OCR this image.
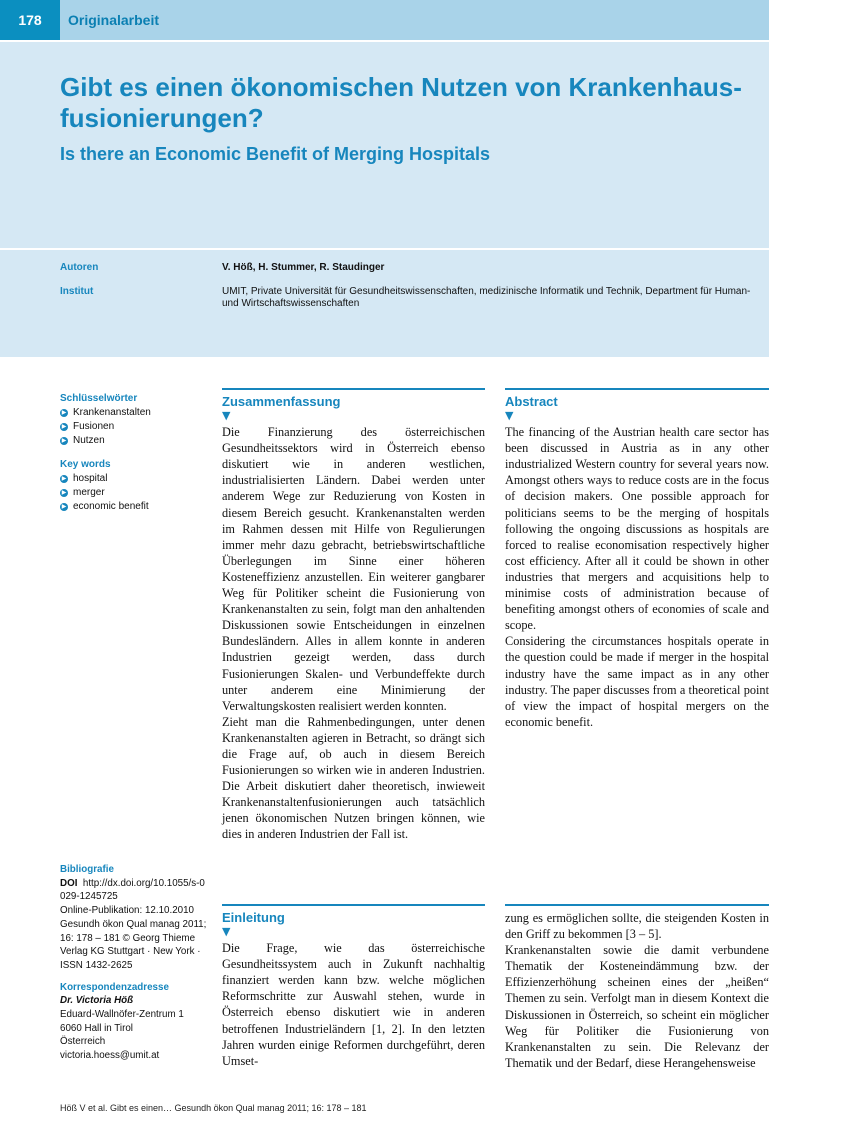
178	Originalarbeit
Gibt es einen ökonomischen Nutzen von Krankenhaus-
fusionierungen?
Is there an Economic Benefit of Merging Hospitals
Autoren	V. Höß, H. Stummer, R. Staudinger
Institut	UMIT, Private Universität für Gesundheitswissenschaften, medizinische Informatik und Technik, Department für Human- und Wirtschaftswissenschaften
Schlüsselwörter
▶ Krankenanstalten
▶ Fusionen
▶ Nutzen
Key words
▶ hospital
▶ merger
▶ economic benefit
Zusammenfassung
▼

Die Finanzierung des österreichischen Gesundheitssektors wird in Österreich ebenso diskutiert wie in anderen westlichen, industrialisierten Ländern. Dabei werden unter anderem Wege zur Reduzierung von Kosten in diesem Bereich gesucht. Krankenanstalten werden im Rahmen dessen mit Hilfe von Regulierungen immer mehr dazu gebracht, betriebswirtschaftliche Überlegungen im Sinne einer höheren Kosteneffizienz anzustellen. Ein weiterer gangbarer Weg für Politiker scheint die Fusionierung von Krankenanstalten zu sein, folgt man den anhaltenden Diskussionen sowie Entscheidungen in einzelnen Bundesländern. Alles in allem konnte in anderen Industrien gezeigt werden, dass durch Fusionierungen Skalen- und Verbundeffekte durch unter anderem eine Minimierung der Verwaltungskosten realisiert werden konnten.

Zieht man die Rahmenbedingungen, unter denen Krankenanstalten agieren in Betracht, so drängt sich die Frage auf, ob auch in diesem Bereich Fusionierungen so wirken wie in anderen Industrien. Die Arbeit diskutiert daher theoretisch, inwieweit Krankenanstaltenfusionierungen auch tatsächlich jenen ökonomischen Nutzen bringen können, wie dies in anderen Industrien der Fall ist.

Abstract
▼

The financing of the Austrian health care sector has been discussed in Austria as in any other industrialized Western country for several years now. Amongst others ways to reduce costs are in the focus of decision makers. One possible approach for politicians seems to be the merging of hospitals following the ongoing discussions as hospitals are forced to realise economisation respectively higher cost efficiency. After all it could be shown in other industries that mergers and acquisitions help to minimise costs of administration because of benefiting amongst others of economies of scale and scope.

Considering the circumstances hospitals operate in the question could be made if merger in the hospital industry have the same impact as in any other industry. The paper discusses from a theoretical point of view the impact of hospital mergers on the economic benefit.

Einleitung
▼

Die Frage, wie das österreichische Gesundheitssystem auch in Zukunft nachhaltig finanziert werden kann bzw. welche möglichen Reformschritte zur Auswahl stehen, wurde in Österreich ebenso diskutiert wie in anderen betroffenen Industrieländern [1, 2]. In den letzten Jahren wurden einige Reformen durchgeführt, deren Umset-

zung es ermöglichen sollte, die steigenden Kosten in den Griff zu bekommen [3 – 5].

Krankenanstalten sowie die damit verbundene Thematik der Kosteneindämmung bzw. der Effizienzerhöhung scheinen eines der „heißen“ Themen zu sein. Verfolgt man in diesem Kontext die Diskussionen in Österreich, so scheint ein möglicher Weg für Politiker die Fusionierung von Krankenanstalten zu sein. Die Relevanz der Thematik und der Bedarf, diese Herangehensweise

Bibliografie
DOI http://dx.doi.org/10.1055/s-0029-1245725
Online-Publikation: 12.10.2010
Gesundh ökon Qual manag 2011; 16: 178 – 181 © Georg Thieme Verlag KG Stuttgart · New York · ISSN 1432-2625
Korrespondenzadresse
Dr. Victoria Höß
Eduard-Wallnöfer-Zentrum 1
6060 Hall in Tirol
Österreich
victoria.hoess@umit.at
Höß V et al. Gibt es einen… Gesundh ökon Qual manag 2011; 16: 178 – 181
